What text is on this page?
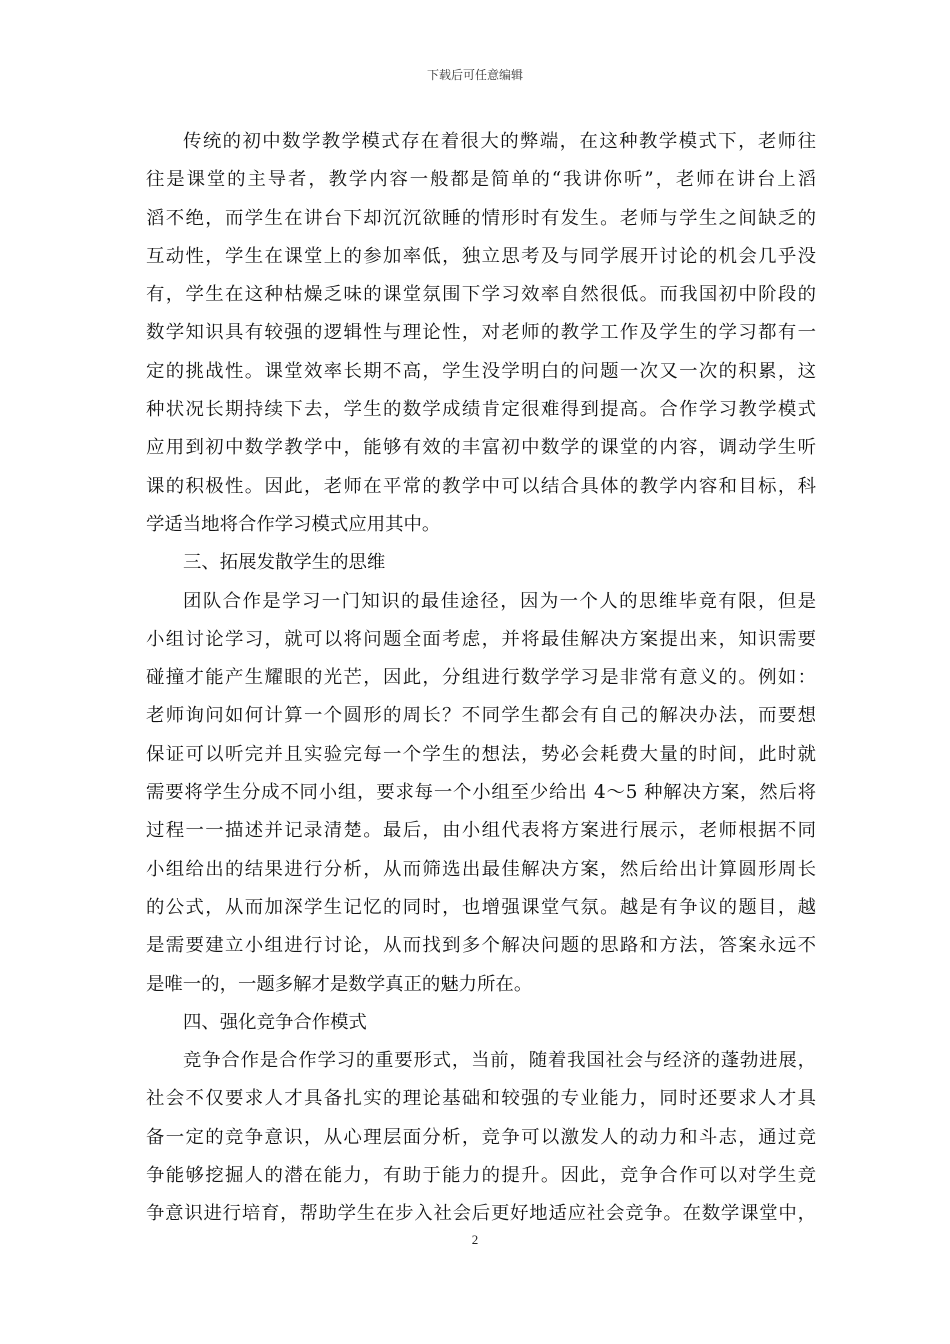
下载后可任意编辑
传统的初中数学教学模式存在着很大的弊端，在这种教学模式下，老师往
往是课堂的主导者，教学内容一般都是简单的“我讲你听”，老师在讲台上滔
滔不绝，而学生在讲台下却沉沉欲睡的情形时有发生。老师与学生之间缺乏的
互动性，学生在课堂上的参加率低，独立思考及与同学展开讨论的机会几乎没
有，学生在这种枯燥乏味的课堂氛围下学习效率自然很低。而我国初中阶段的
数学知识具有较强的逻辑性与理论性，对老师的教学工作及学生的学习都有一
定的挑战性。课堂效率长期不高，学生没学明白的问题一次又一次的积累，这
种状况长期持续下去，学生的数学成绩肯定很难得到提高。合作学习教学模式
应用到初中数学教学中，能够有效的丰富初中数学的课堂的内容，调动学生听
课的积极性。因此，老师在平常的教学中可以结合具体的教学内容和目标，科
学适当地将合作学习模式应用其中。
三、拓展发散学生的思维
团队合作是学习一门知识的最佳途径，因为一个人的思维毕竟有限，但是
小组讨论学习，就可以将问题全面考虑，并将最佳解决方案提出来，知识需要
碰撞才能产生耀眼的光芒，因此，分组进行数学学习是非常有意义的。例如：
老师询问如何计算一个圆形的周长？不同学生都会有自己的解决办法，而要想
保证可以听完并且实验完每一个学生的想法，势必会耗费大量的时间，此时就
需要将学生分成不同小组，要求每一个小组至少给出 4～5 种解决方案，然后将
过程一一描述并记录清楚。最后，由小组代表将方案进行展示，老师根据不同
小组给出的结果进行分析，从而筛选出最佳解决方案，然后给出计算圆形周长
的公式，从而加深学生记忆的同时，也增强课堂气氛。越是有争议的题目，越
是需要建立小组进行讨论，从而找到多个解决问题的思路和方法，答案永远不
是唯一的，一题多解才是数学真正的魅力所在。
四、强化竞争合作模式
竞争合作是合作学习的重要形式，当前，随着我国社会与经济的蓬勃进展，
社会不仅要求人才具备扎实的理论基础和较强的专业能力，同时还要求人才具
备一定的竞争意识，从心理层面分析，竞争可以激发人的动力和斗志，通过竞
争能够挖掘人的潜在能力，有助于能力的提升。因此，竞争合作可以对学生竞
争意识进行培育，帮助学生在步入社会后更好地适应社会竞争。在数学课堂中，
2
